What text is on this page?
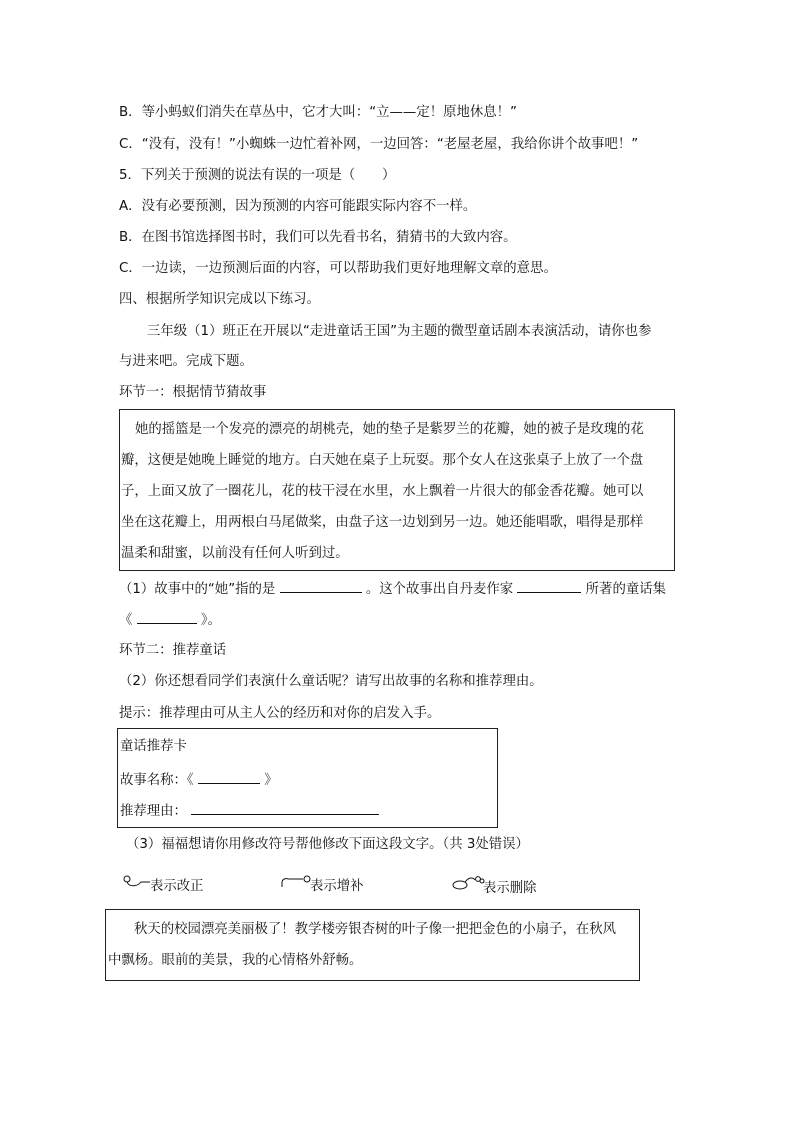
B．等小蚂蚁们消失在草丛中，它才大叫：“立——定！原地休息！”
C．“没有，没有！”小蜘蛛一边忙着补网，一边回答：“老屋老屋，我给你讲个故事吧！”
5．下列关于预测的说法有误的一项是（　　）
A．没有必要预测，因为预测的内容可能跟实际内容不一样。
B．在图书馆选择图书时，我们可以先看书名，猜猜书的大致内容。
C．一边读，一边预测后面的内容，可以帮助我们更好地理解文章的意思。
四、根据所学知识完成以下练习。
三年级（1）班正在开展以“走进童话王国”为主题的微型童话剧本表演活动，请你也参
与进来吧。完成下题。
环节一：根据情节猜故事
她的摇篮是一个发亮的漂亮的胡桃壳，她的垫子是紫罗兰的花瓣，她的被子是玫瑰的花
瓣，这便是她晚上睡觉的地方。白天她在桌子上玩耍。那个女人在这张桌子上放了一个盘
子，上面又放了一圈花儿，花的枝干浸在水里，水上飘着一片很大的郁金香花瓣。她可以
坐在这花瓣上，用两根白马尾做桨，由盘子这一边划到另一边。她还能唱歌，唱得是那样
温柔和甜蜜，以前没有任何人听到过。
（1）故事中的“她”指的是	。这个故事出自丹麦作家	所著的童话集
《	》。
环节二：推荐童话
（2）你还想看同学们表演什么童话呢？请写出故事的名称和推荐理由。
提示：推荐理由可从主人公的经历和对你的启发入手。
童话推荐卡
故事名称：《	》
推荐理由：
（3）福福想请你用修改符号帮他修改下面这段文字。（共 3处错误）
表示改正	表示增补	表示删除
秋天的校园漂亮美丽极了！教学楼旁银杏树的叶子像一把把金色的小扇子，在秋风
中飘杨。眼前的美景，我的心情格外舒畅。
